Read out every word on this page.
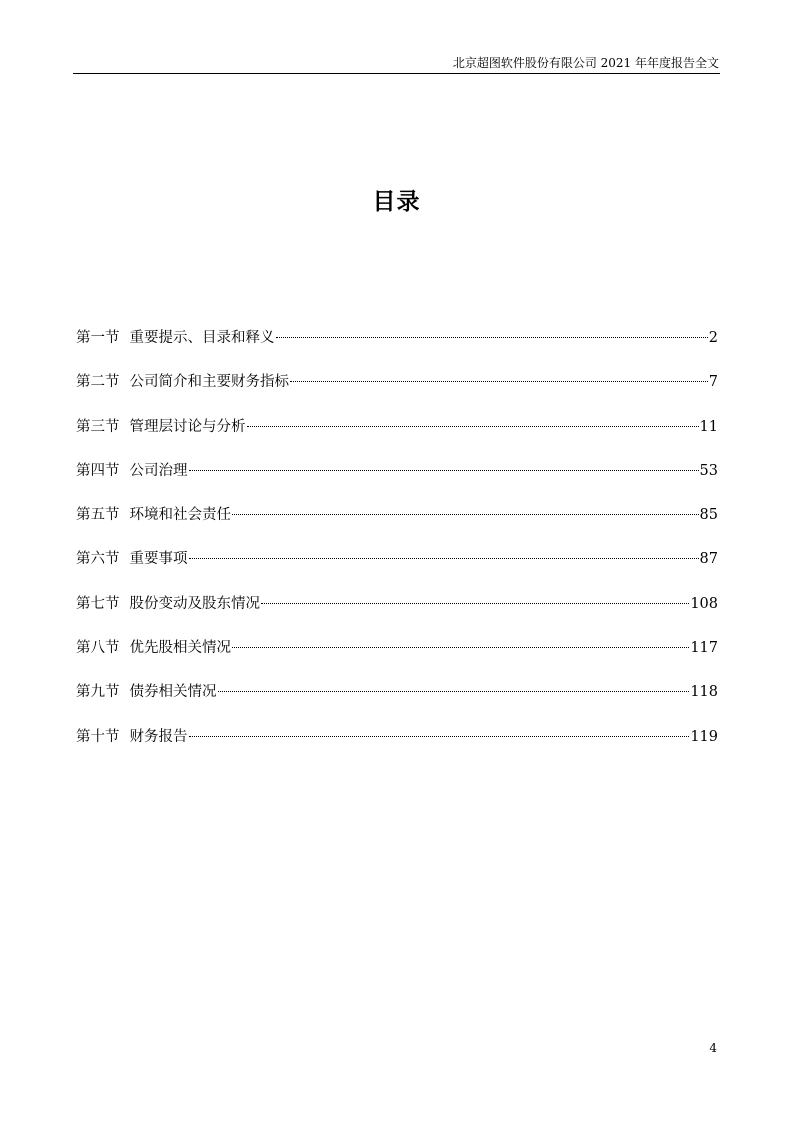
北京超图软件股份有限公司 2021 年年度报告全文
目录
第一节 重要提示、目录和释义	2
第二节 公司简介和主要财务指标	7
第三节 管理层讨论与分析	11
第四节 公司治理	53
第五节 环境和社会责任	85
第六节 重要事项	87
第七节 股份变动及股东情况	108
第八节 优先股相关情况	117
第九节 债券相关情况	118
第十节 财务报告	119
4
